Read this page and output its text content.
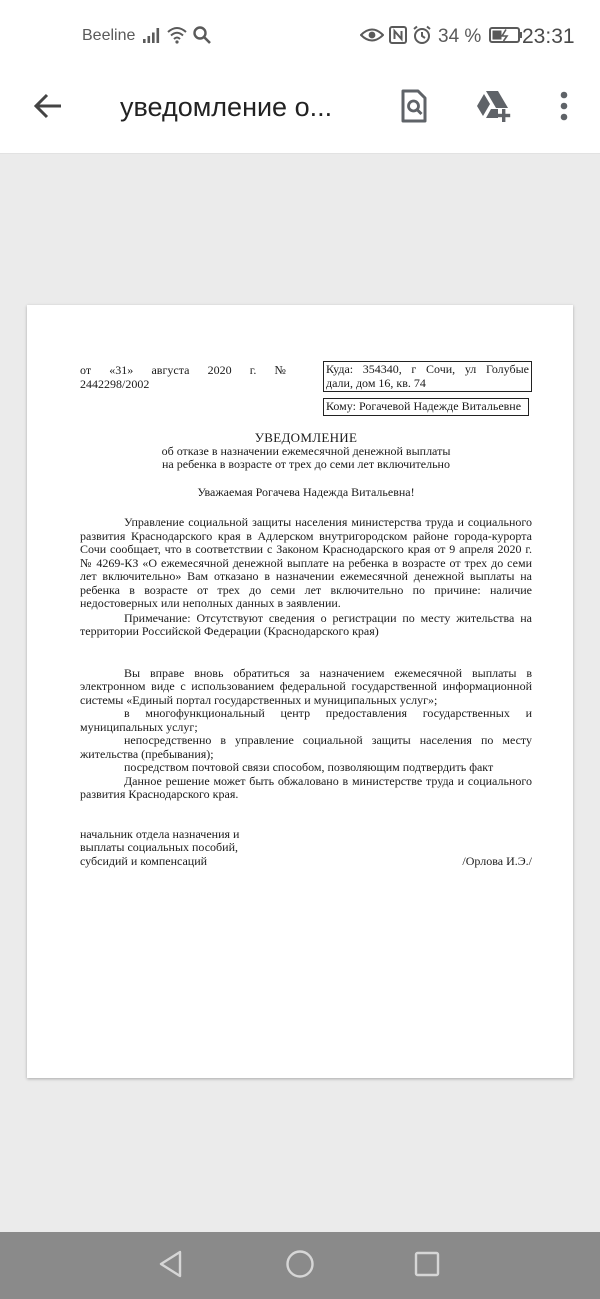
Beeline	34 % 23:31
уведомление о...
от «31» августа 2020 г. №
2442298/2002
Куда: 354340, г Сочи, ул Голубые
дали, дом 16, кв. 74
Кому: Рогачевой Надежде Витальевне
УВЕДОМЛЕНИЕ
об отказе в назначении ежемесячной денежной выплаты
на ребенка в возрасте от трех до семи лет включительно
Уважаемая Рогачева Надежда Витальевна!
Управление социальной защиты населения министерства труда и социального развития Краснодарского края в Адлерском внутригородском районе города-курорта Сочи сообщает, что в соответствии с Законом Краснодарского края от 9 апреля 2020 г. № 4269-КЗ «О ежемесячной денежной выплате на ребенка в возрасте от трех до семи лет включительно» Вам отказано в назначении ежемесячной денежной выплаты на ребенка в возрасте от трех до семи лет включительно по причине: наличие недостоверных или неполных данных в заявлении.
Примечание: Отсутствуют сведения о регистрации по месту жительства на территории Российской Федерации (Краснодарского края)
Вы вправе вновь обратиться за назначением ежемесячной выплаты в электронном виде с использованием федеральной государственной информационной системы «Единый портал государственных и муниципальных услуг»;
в многофункциональный центр предоставления государственных и муниципальных услуг;
непосредственно в управление социальной защиты населения по месту жительства (пребывания);
посредством почтовой связи способом, позволяющим подтвердить факт
Данное решение может быть обжаловано в министерстве труда и социального развития Краснодарского края.
начальник отдела назначения и
выплаты социальных пособий,
субсидий и компенсаций	/Орлова И.Э./
